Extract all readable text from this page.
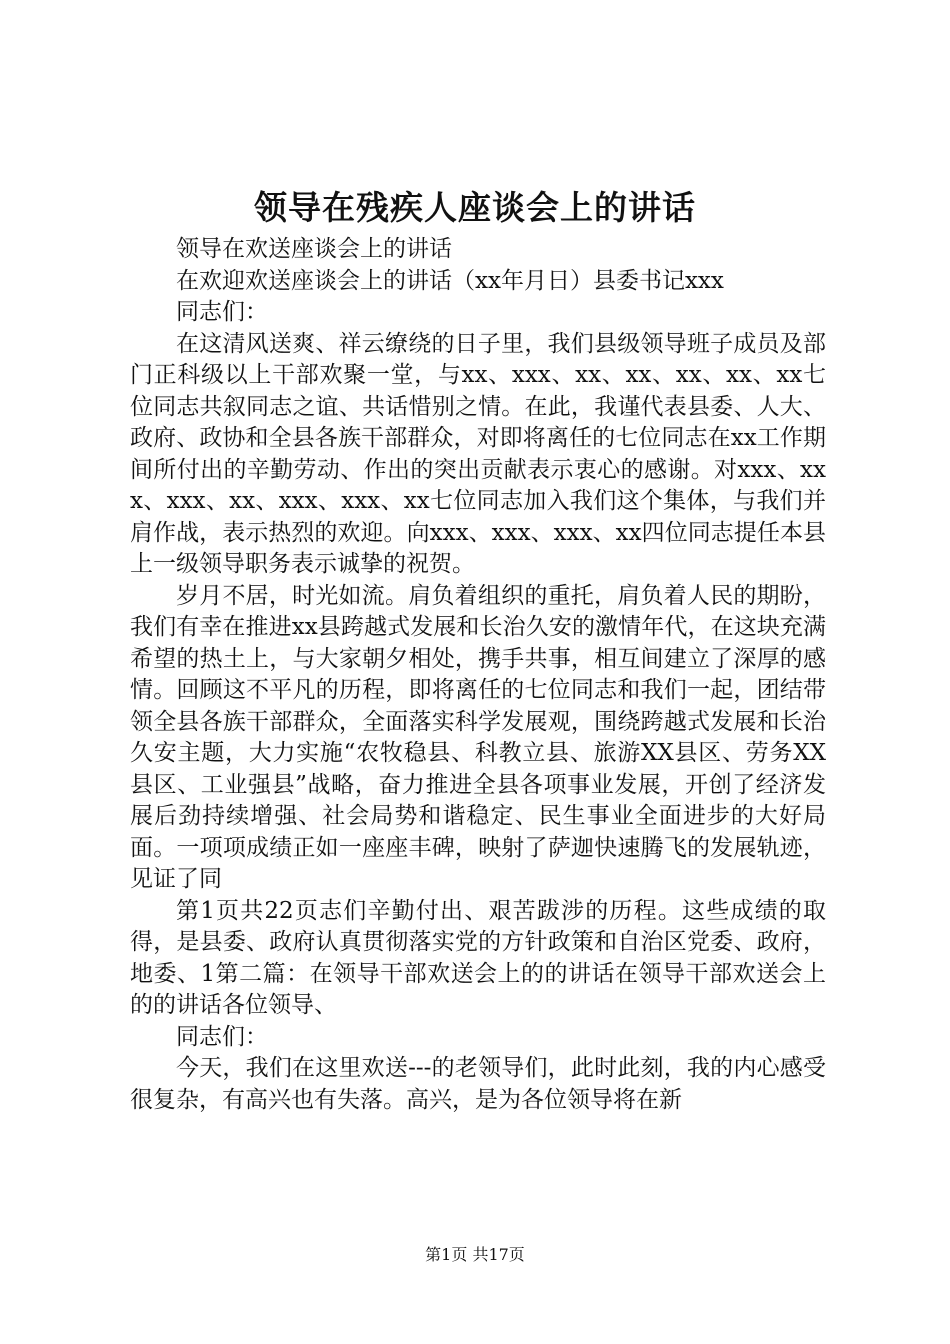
领导在残疾人座谈会上的讲话

领导在欢送座谈会上的讲话

在欢迎欢送座谈会上的讲话（xx年月日）县委书记xxx

同志们：

在这清风送爽、祥云缭绕的日子里，我们县级领导班子成员及部门正科级以上干部欢聚一堂，与xx、xxx、xx、xx、xx、xx、xx七位同志共叙同志之谊、共话惜别之情。在此，我谨代表县委、人大、政府、政协和全县各族干部群众，对即将离任的七位同志在xx工作期间所付出的辛勤劳动、作出的突出贡献表示衷心的感谢。对xxx、xxx、xxx、xx、xxx、xxx、xx七位同志加入我们这个集体，与我们并肩作战，表示热烈的欢迎。向xxx、xxx、xxx、xx四位同志提任本县上一级领导职务表示诚挚的祝贺。

岁月不居，时光如流。肩负着组织的重托，肩负着人民的期盼，我们有幸在推进xx县跨越式发展和长治久安的激情年代，在这块充满希望的热土上，与大家朝夕相处，携手共事，相互间建立了深厚的感情。回顾这不平凡的历程，即将离任的七位同志和我们一起，团结带领全县各族干部群众，全面落实科学发展观，围绕跨越式发展和长治久安主题，大力实施“农牧稳县、科教立县、旅游XX县区、劳务XX县区、工业强县”战略，奋力推进全县各项事业发展，开创了经济发展后劲持续增强、社会局势和谐稳定、民生事业全面进步的大好局面。一项项成绩正如一座座丰碑，映射了萨迦快速腾飞的发展轨迹，见证了同

第1页共22页志们辛勤付出、艰苦跋涉的历程。这些成绩的取得，是县委、政府认真贯彻落实党的方针政策和自治区党委、政府，地委、1第二篇：在领导干部欢送会上的的讲话在领导干部欢送会上的的讲话各位领导、

同志们：

今天，我们在这里欢送---的老领导们，此时此刻，我的内心感受很复杂，有高兴也有失落。高兴，是为各位领导将在新

第1页 共17页
